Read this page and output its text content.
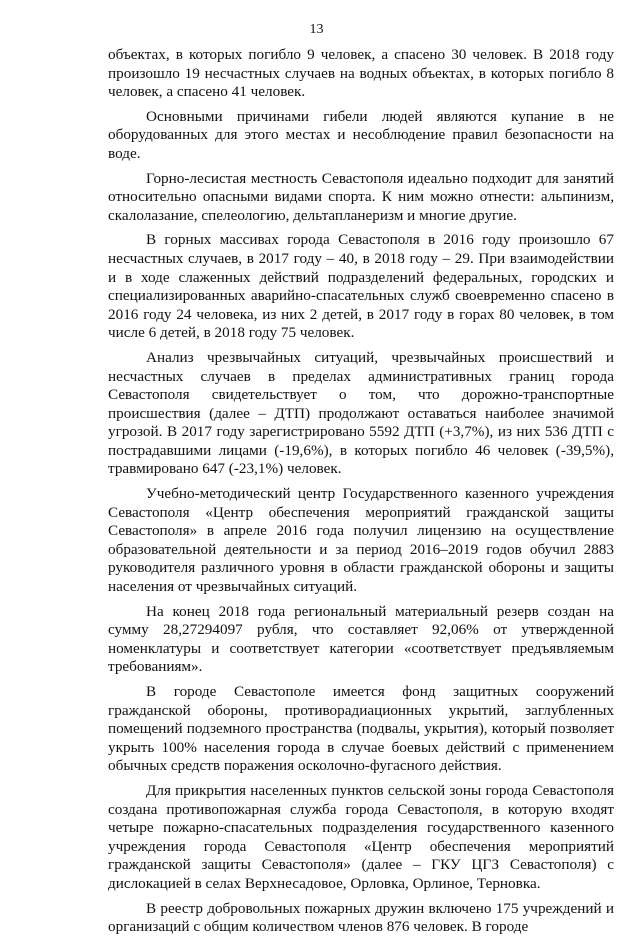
13

объектах, в которых погибло 9 человек, а спасено 30 человек. В 2018 году произошло 19 несчастных случаев на водных объектах, в которых погибло 8 человек, а спасено 41 человек.

Основными причинами гибели людей являются купание в не оборудованных для этого местах и несоблюдение правил безопасности на воде.

Горно-лесистая местность Севастополя идеально подходит для занятий относительно опасными видами спорта. К ним можно отнести: альпинизм, скалолазание, спелеологию, дельтапланеризм и многие другие.

В горных массивах города Севастополя в 2016 году произошло 67 несчастных случаев, в 2017 году – 40, в 2018 году – 29. При взаимодействии и в ходе слаженных действий подразделений федеральных, городских и специализированных аварийно-спасательных служб своевременно спасено в 2016 году 24 человека, из них 2 детей, в 2017 году в горах 80 человек, в том числе 6 детей, в 2018 году 75 человек.

Анализ чрезвычайных ситуаций, чрезвычайных происшествий и несчастных случаев в пределах административных границ города Севастополя свидетельствует о том, что дорожно-транспортные происшествия (далее – ДТП) продолжают оставаться наиболее значимой угрозой. В 2017 году зарегистрировано 5592 ДТП (+3,7%), из них 536 ДТП с пострадавшими лицами (-19,6%), в которых погибло 46 человек (-39,5%), травмировано 647 (-23,1%) человек.

Учебно-методический центр Государственного казенного учреждения Севастополя «Центр обеспечения мероприятий гражданской защиты Севастополя» в апреле 2016 года получил лицензию на осуществление образовательной деятельности и за период 2016–2019 годов обучил 2883 руководителя различного уровня в области гражданской обороны и защиты населения от чрезвычайных ситуаций.

На конец 2018 года региональный материальный резерв создан на сумму 28,27294097 рубля, что составляет 92,06% от утвержденной номенклатуры и соответствует категории «соответствует предъявляемым требованиям».

В городе Севастополе имеется фонд защитных сооружений гражданской обороны, противорадиационных укрытий, заглубленных помещений подземного пространства (подвалы, укрытия), который позволяет укрыть 100% населения города в случае боевых действий с применением обычных средств поражения осколочно-фугасного действия.

Для прикрытия населенных пунктов сельской зоны города Севастополя создана противопожарная служба города Севастополя, в которую входят четыре пожарно-спасательных подразделения государственного казенного учреждения города Севастополя «Центр обеспечения мероприятий гражданской защиты Севастополя» (далее – ГКУ ЦГЗ Севастополя) с дислокацией в селах Верхнесадовое, Орловка, Орлиное, Терновка.

В реестр добровольных пожарных дружин включено 175 учреждений и организаций с общим количеством членов 876 человек. В городе
